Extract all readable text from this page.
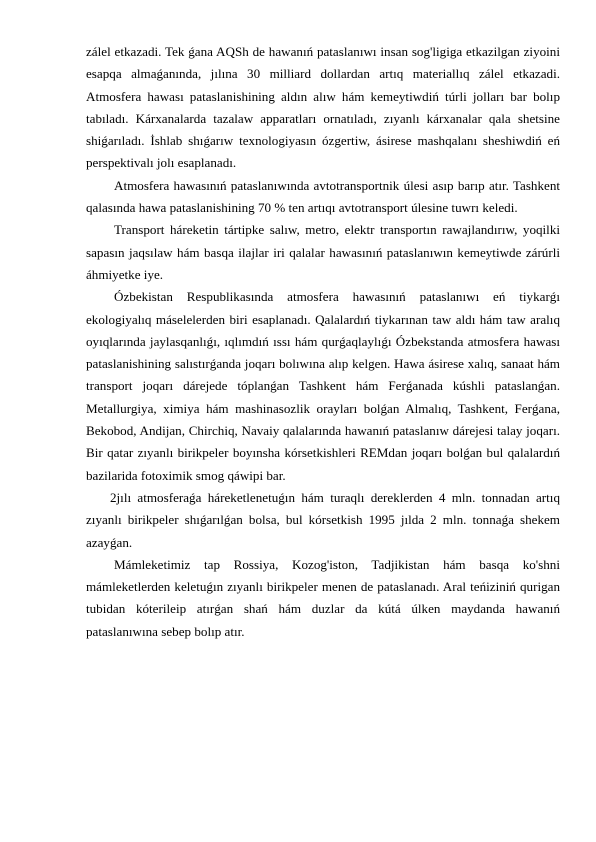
zálel etkazadi. Tek ǵana AQSh de hawanıń pataslanıwı insan sog'ligiga etkazilgan ziyoini esapqa almaǵanında, jılına 30 milliard dollardan artıq materiallıq zálel etkazadi. Atmosfera hawası pataslanishining aldın alıw hám kemeytiwdiń túrli jolları bar bolıp tabıladı. Kárxanalarda tazalaw apparatları ornatıladı, zıyanlı kárxanalar qala shetsine shiǵarıladı. İshlab shıǵarıw texnologiyasın ózgertiw, ásirese mashqalanı sheshiwdiń eń perspektivalı jolı esaplanadı.

Atmosfera hawasınıń pataslanıwında avtotransportnik úlesi asıp barıp atır. Tashkent qalasında hawa pataslanishining 70 % ten artıqı avtotransport úlesine tuwrı keledi.

Transport háreketin tártipke salıw, metro, elektr transportın rawajlandırıw, yoqilki sapasın jaqsılaw hám basqa ilajlar iri qalalar hawasınıń pataslanıwın kemeytiwde zárúrli áhmiyetke iye.

Ózbekistan Respublikasında atmosfera hawasınıń pataslanıwı eń tiykarǵı ekologiyalıq máselelerden biri esaplanadı. Qalalardıń tiykarınan taw aldı hám taw aralıq oyıqlarında jaylasqanlıǵı, ıqlımdıń ıssı hám qurǵaqlaylıǵı Ózbekstanda atmosfera hawası pataslanishining salıstırǵanda joqarı bolıwına alıp kelgen. Hawa ásirese xalıq, sanaat hám transport joqarı dárejede tóplanǵan Tashkent hám Ferǵanada kúshli pataslanǵan. Metallurgiya, ximiya hám mashinasozlik orayları bolǵan Almalıq, Tashkent, Ferǵana, Bekobod, Andijan, Chirchiq, Navaiy qalalarında hawanıń pataslanıw dárejesi talay joqarı. Bir qatar zıyanlı birikpeler boyınsha kórsetkishleri REMdan joqarı bolǵan bul qalalardıń bazilarida fotoximik smog qáwipi bar.

2jılı atmosferaǵa háreketlenetuǵın hám turaqlı dereklerden 4 mln. tonnadan artıq zıyanlı birikpeler shıǵarılǵan bolsa, bul kórsetkish 1995 jılda 2 mln. tonnaǵa shekem azayǵan.

Mámleketimiz tap Rossiya, Kozog'iston, Tadjikistan hám basqa ko'shni mámleketlerden keletuǵın zıyanlı birikpeler menen de pataslanadı. Aral teńiziniń qurigan tubidan kóterileip atırǵan shań hám duzlar da kútá úlken maydanda hawanıń pataslanıwına sebep bolıp atır.
